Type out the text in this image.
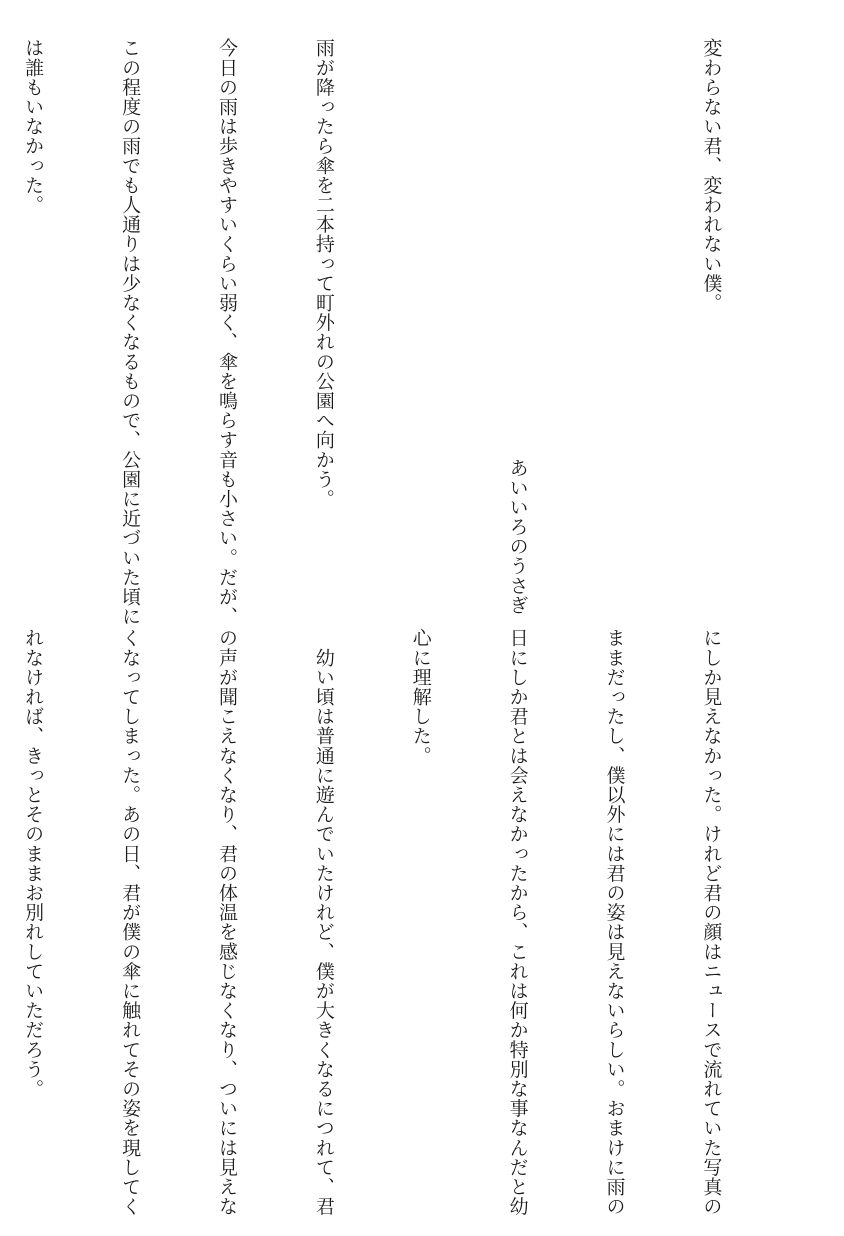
変わらない君、変われない僕。

あいいろのうさぎ

雨が降ったら傘を二本持って町外れの公園へ向かう。

今日の雨は歩きやすいくらい弱く、傘を鳴らす音も小さい。だが、

この程度の雨でも人通りは少なくなるもので、公園に近づいた頃に

は誰もいなかった。

にしか見えなかった。けれど君の顔はニュースで流れていた写真の

ままだったし、僕以外には君の姿は見えないらしい。おまけに雨の

日にしか君とは会えなかったから、これは何か特別な事なんだと幼

心に理解した。

　幼い頃は普通に遊んでいたけれど、僕が大きくなるにつれて、君

の声が聞こえなくなり、君の体温を感じなくなり、ついには見えな

くなってしまった。あの日、君が僕の傘に触れてその姿を現してく

れなければ、きっとそのままお別れしていただろう。
